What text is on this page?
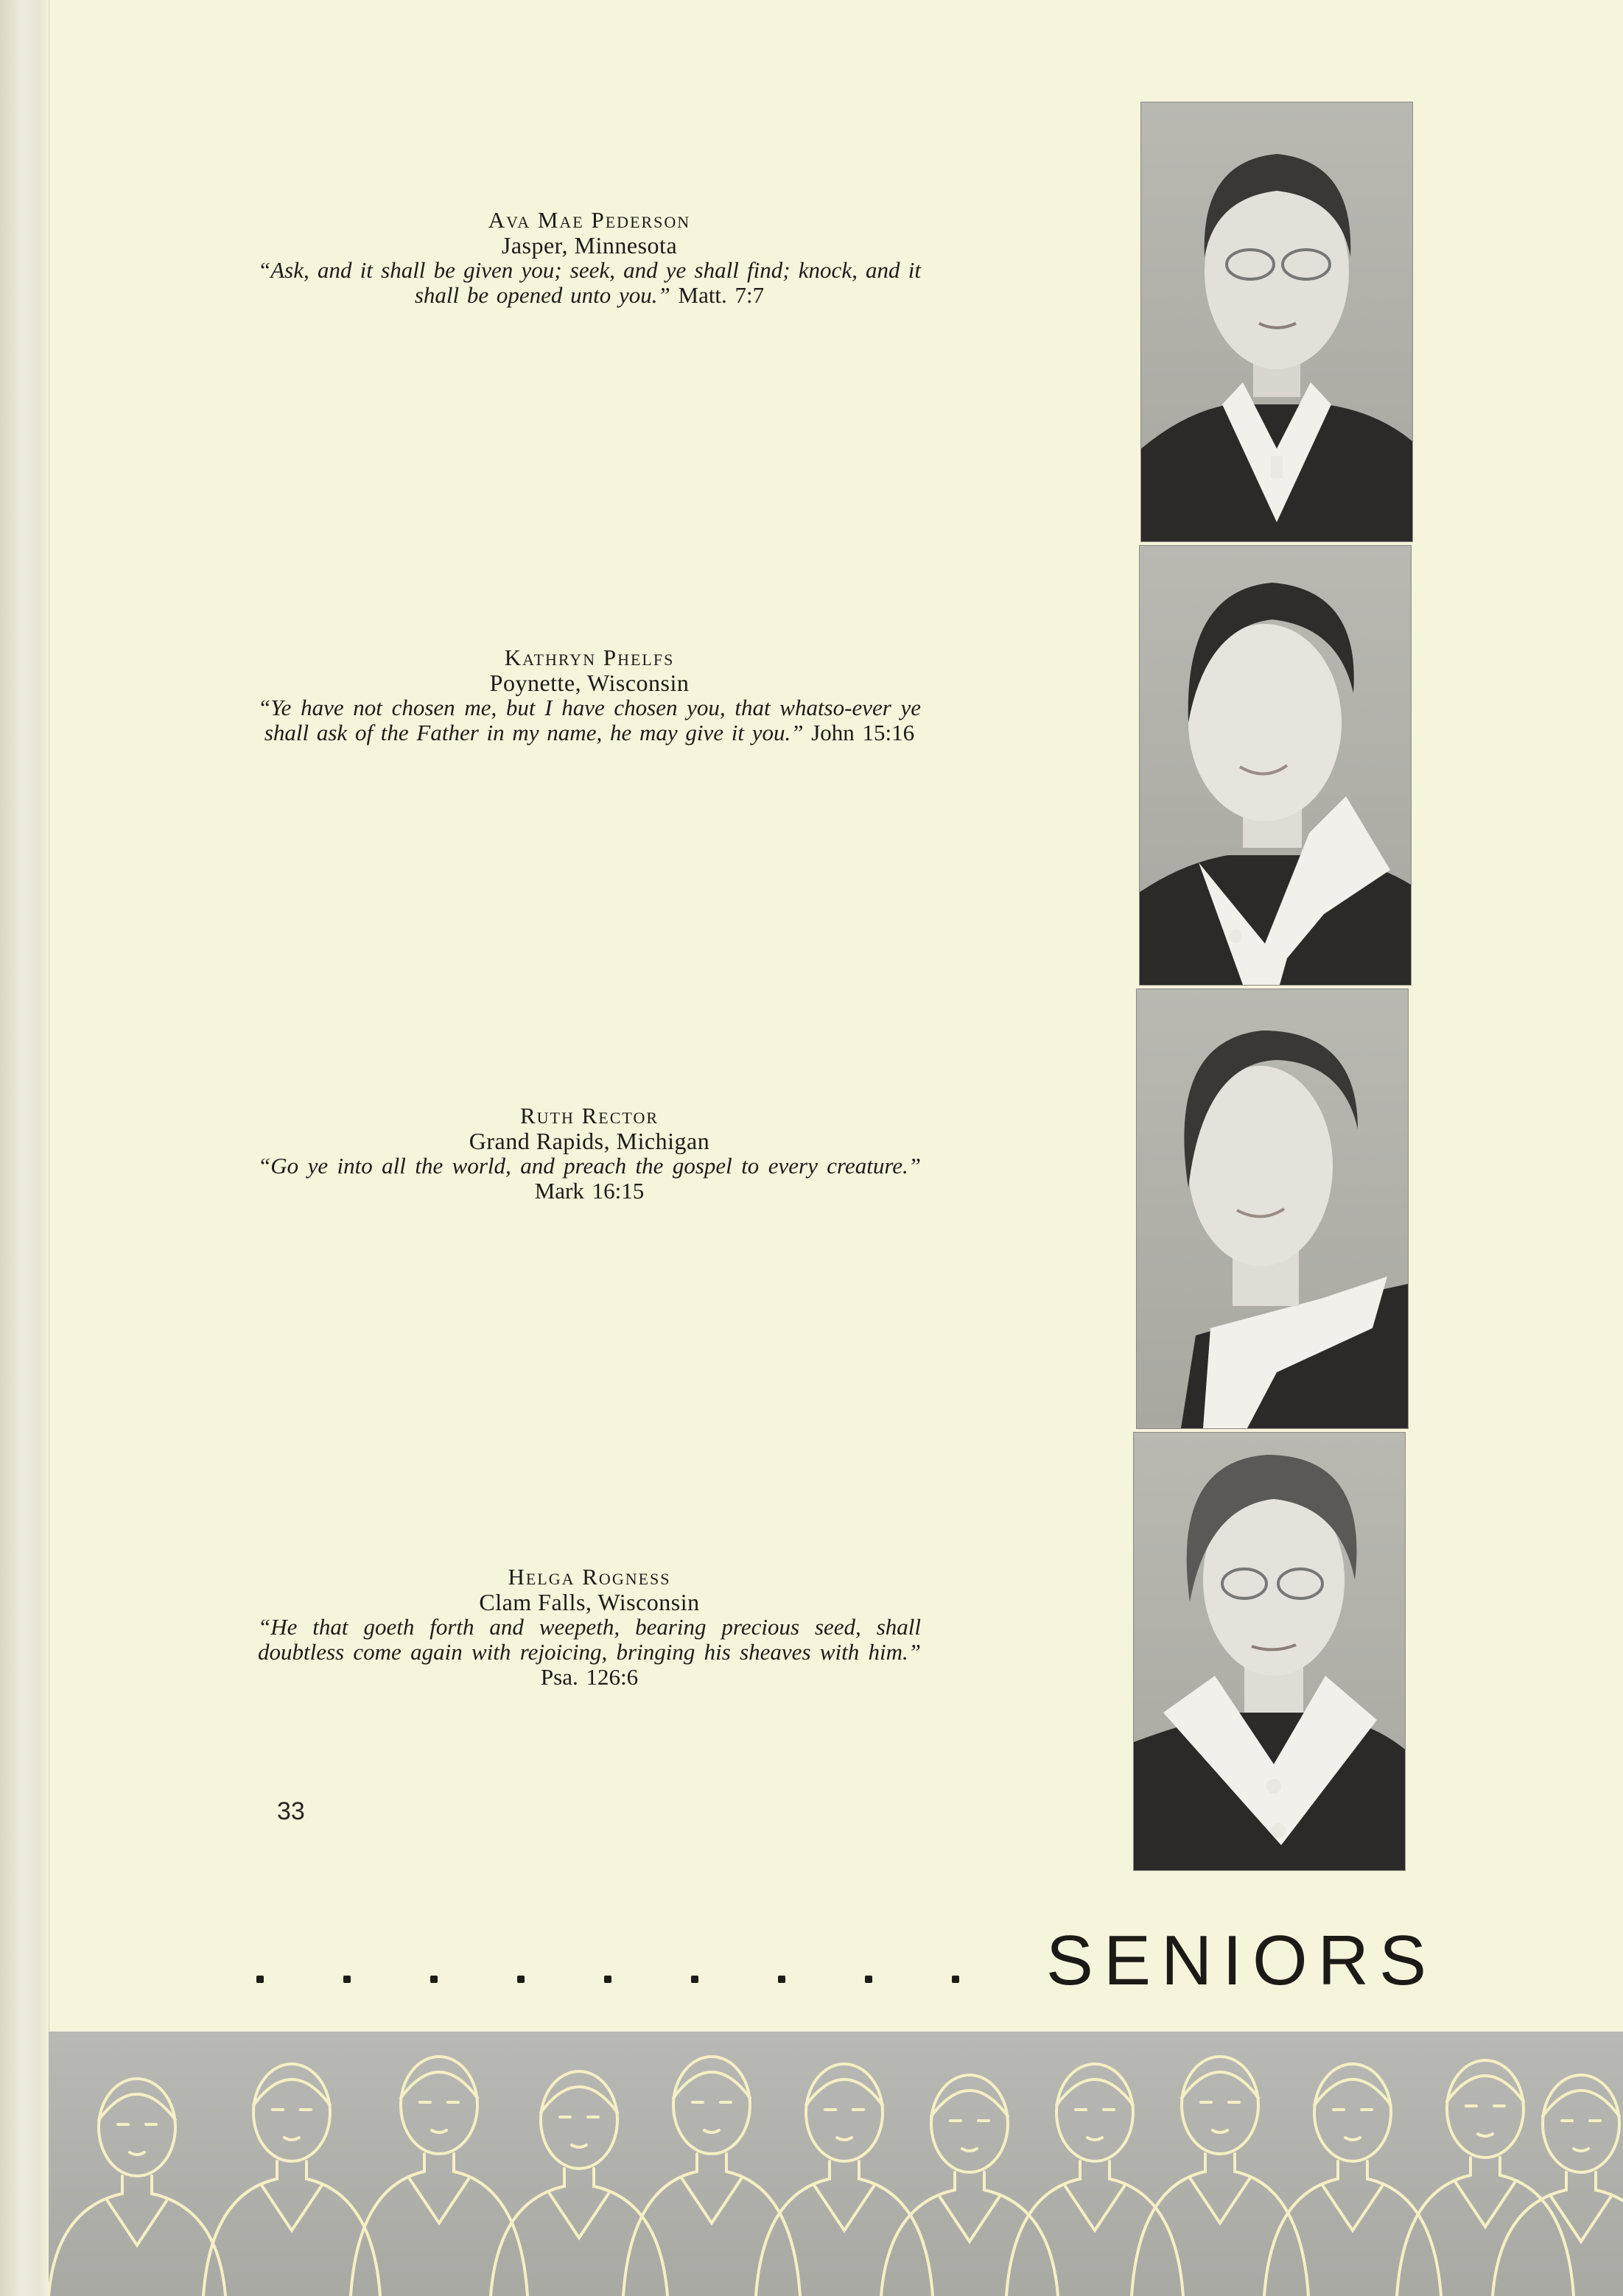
Ava Mae Pederson
Jasper, Minnesota
“Ask, and it shall be given you; seek, and ye shall find; knock, and it shall be opened unto you.” Matt. 7:7
Kathryn Phelfs
Poynette, Wisconsin
“Ye have not chosen me, but I have chosen you, that whatso-ever ye shall ask of the Father in my name, he may give it you.” John 15:16
Ruth Rector
Grand Rapids, Michigan
“Go ye into all the world, and preach the gospel to every creature.” Mark 16:15
Helga Rogness
Clam Falls, Wisconsin
“He that goeth forth and weepeth, bearing precious seed, shall doubtless come again with rejoicing, bringing his sheaves with him.” Psa. 126:6
33
SENIORS
